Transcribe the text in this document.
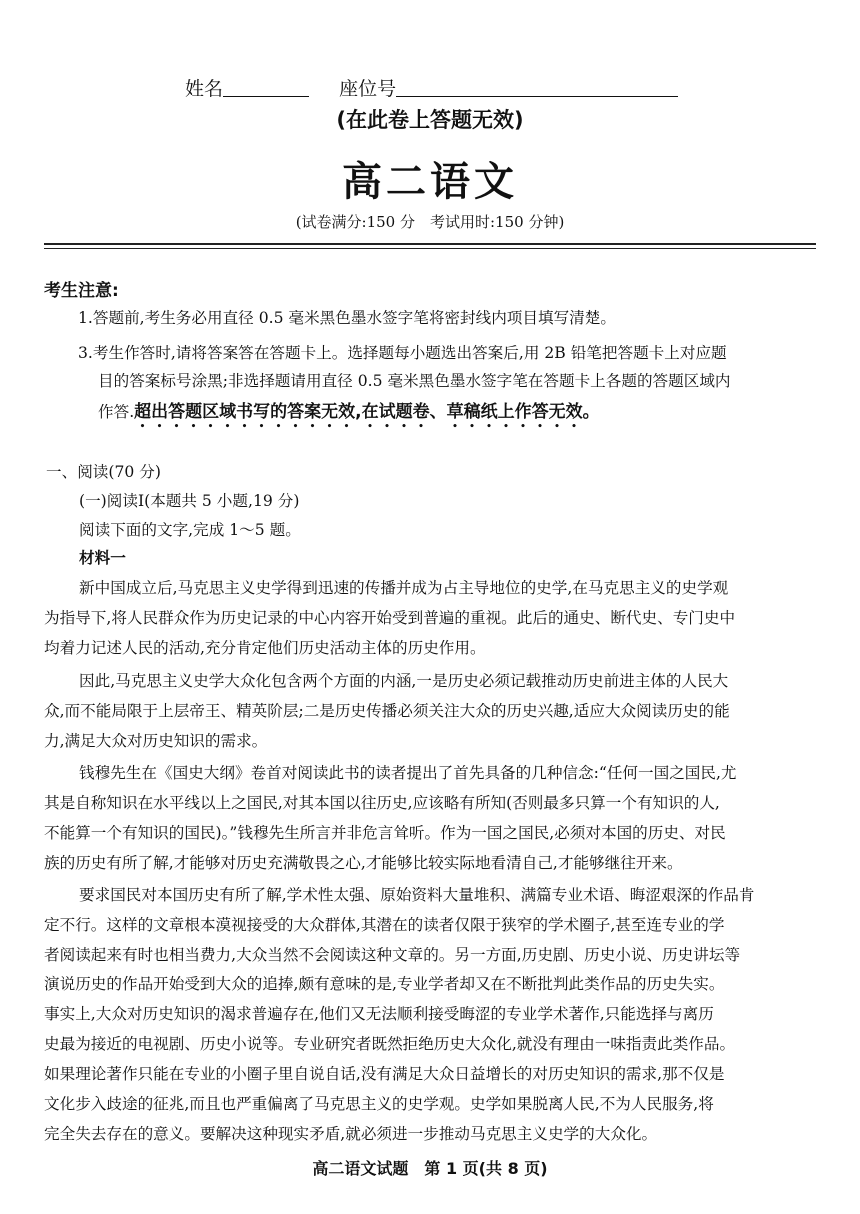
姓名	座位号
(在此卷上答题无效)
高二语文
(试卷满分:150 分　考试用时:150 分钟)
考生注意:
1.答题前,考生务必用直径 0.5 毫米黑色墨水签字笔将密封线内项目填写清楚。
3.考生作答时,请将答案答在答题卡上。选择题每小题选出答案后,用 2B 铅笔把答题卡上对应题
目的答案标号涂黑;非选择题请用直径 0.5 毫米黑色墨水签字笔在答题卡上各题的答题区域内
作答.超出答题区域书写的答案无效,在试题卷、草稿纸上作答无效。
一、阅读(70 分)
(一)阅读Ⅰ(本题共 5 小题,19 分)
阅读下面的文字,完成 1～5 题。
材料一
新中国成立后,马克思主义史学得到迅速的传播并成为占主导地位的史学,在马克思主义的史学观
为指导下,将人民群众作为历史记录的中心内容开始受到普遍的重视。此后的通史、断代史、专门史中
均着力记述人民的活动,充分肯定他们历史活动主体的历史作用。
因此,马克思主义史学大众化包含两个方面的内涵,一是历史必须记载推动历史前进主体的人民大
众,而不能局限于上层帝王、精英阶层;二是历史传播必须关注大众的历史兴趣,适应大众阅读历史的能
力,满足大众对历史知识的需求。
钱穆先生在《国史大纲》卷首对阅读此书的读者提出了首先具备的几种信念:“任何一国之国民,尤
其是自称知识在水平线以上之国民,对其本国以往历史,应该略有所知(否则最多只算一个有知识的人,
不能算一个有知识的国民)。”钱穆先生所言并非危言耸听。作为一国之国民,必须对本国的历史、对民
族的历史有所了解,才能够对历史充满敬畏之心,才能够比较实际地看清自己,才能够继往开来。
要求国民对本国历史有所了解,学术性太强、原始资料大量堆积、满篇专业术语、晦涩艰深的作品肯
定不行。这样的文章根本漠视接受的大众群体,其潜在的读者仅限于狭窄的学术圈子,甚至连专业的学
者阅读起来有时也相当费力,大众当然不会阅读这种文章的。另一方面,历史剧、历史小说、历史讲坛等
演说历史的作品开始受到大众的追捧,颇有意味的是,专业学者却又在不断批判此类作品的历史失实。
事实上,大众对历史知识的渴求普遍存在,他们又无法顺利接受晦涩的专业学术著作,只能选择与离历
史最为接近的电视剧、历史小说等。专业研究者既然拒绝历史大众化,就没有理由一味指责此类作品。
如果理论著作只能在专业的小圈子里自说自话,没有满足大众日益增长的对历史知识的需求,那不仅是
文化步入歧途的征兆,而且也严重偏离了马克思主义的史学观。史学如果脱离人民,不为人民服务,将
完全失去存在的意义。要解决这种现实矛盾,就必须进一步推动马克思主义史学的大众化。
高二语文试题　第 1 页(共 8 页)
